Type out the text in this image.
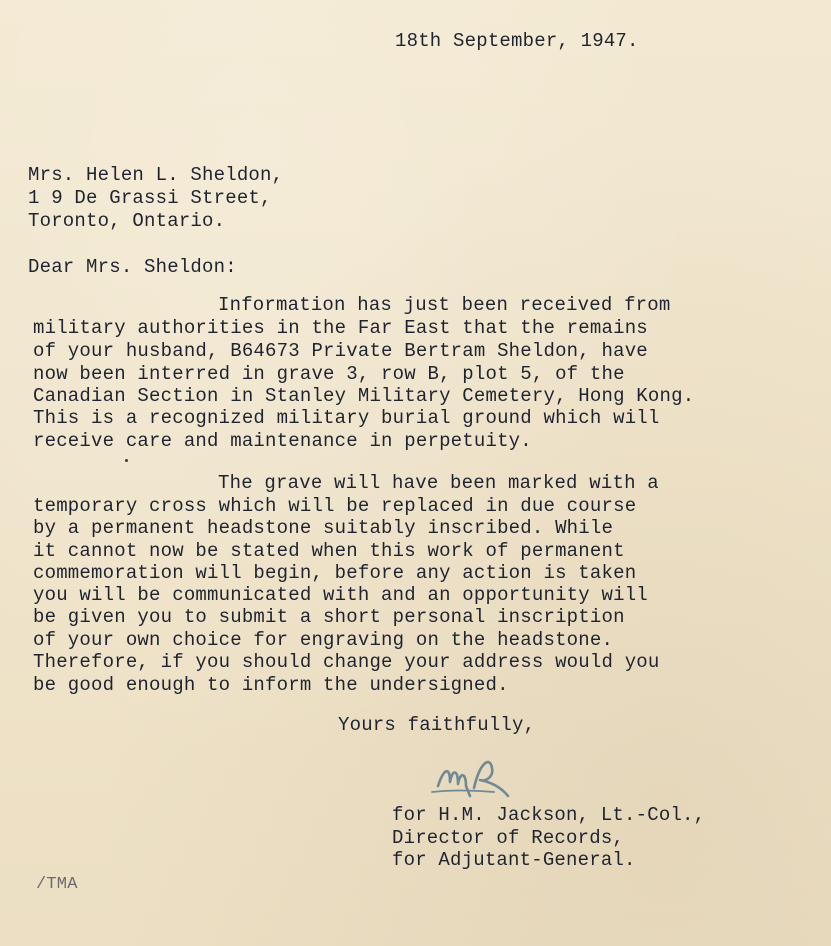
18th September, 1947.
Mrs. Helen L. Sheldon,
1 9 De Grassi Street,
Toronto, Ontario.
Dear Mrs. Sheldon:
Information has just been received from
military authorities in the Far East that the remains
of your husband, B64673 Private Bertram Sheldon, have
now been interred in grave 3, row B, plot 5, of the
Canadian Section in Stanley Military Cemetery, Hong Kong.
This is a recognized military burial ground which will
receive care and maintenance in perpetuity.
The grave will have been marked with a
temporary cross which will be replaced in due course
by a permanent headstone suitably inscribed. While
it cannot now be stated when this work of permanent
commemoration will begin, before any action is taken
you will be communicated with and an opportunity will
be given you to submit a short personal inscription
of your own choice for engraving on the headstone.
Therefore, if you should change your address would you
be good enough to inform the undersigned.
Yours faithfully,
for H.M. Jackson, Lt.-Col.,
Director of Records,
for Adjutant-General.
/TMA
